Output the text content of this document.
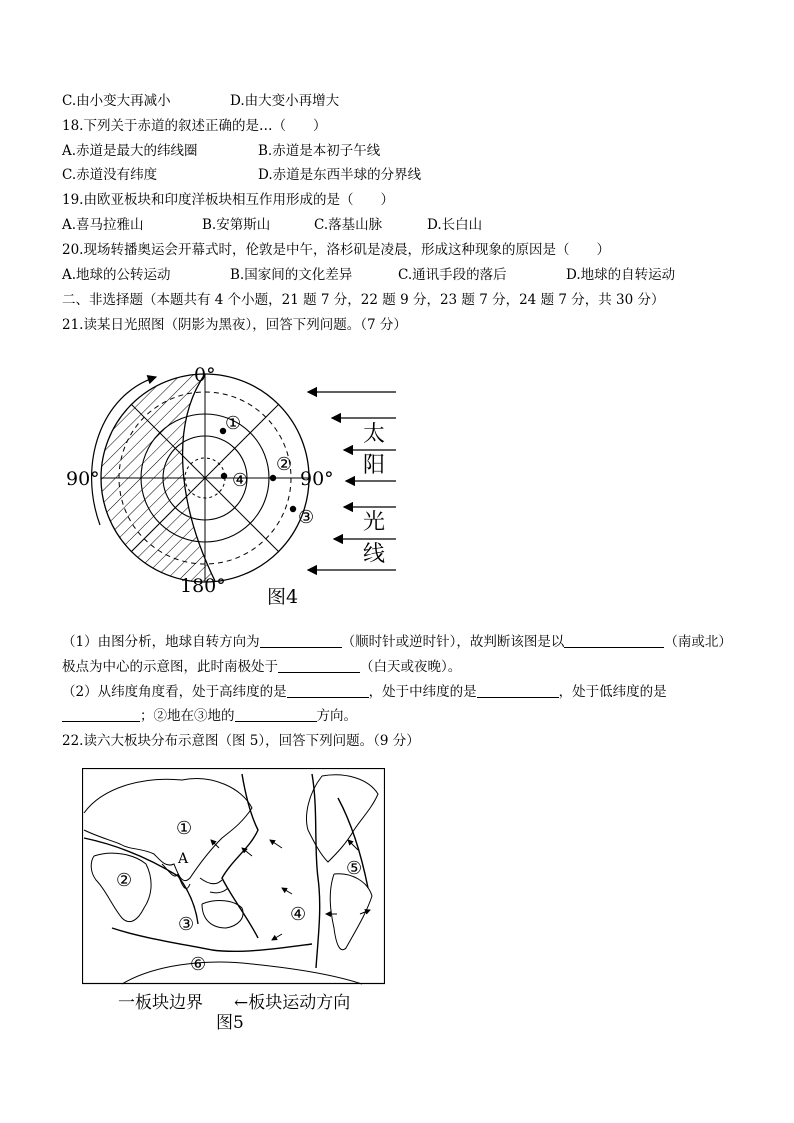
C.由小变大再减小	D.由大变小再增大
18.下列关于赤道的叙述正确的是…（　　）
A.赤道是最大的纬线圈	B.赤道是本初子午线
C.赤道没有纬度	D.赤道是东西半球的分界线
19.由欧亚板块和印度洋板块相互作用形成的是（　　）
A.喜马拉雅山	B.安第斯山	C.落基山脉	D.长白山
20.现场转播奥运会开幕式时，伦敦是中午，洛杉矶是凌晨，形成这种现象的原因是（　　）
A.地球的公转运动	B.国家间的文化差异	C.通讯手段的落后	D.地球的自转运动
二、非选择题（本题共有 4 个小题，21 题 7 分，22 题 9 分，23 题 7 分，24 题 7 分，共 30 分）
21.读某日光照图（阴影为黑夜），回答下列问题。（7 分）
0°
90°	90°
180°
①
④
②
③
太
阳
光
线
图4
（1）由图分析，地球自转方向为	（顺时针或逆时针），故判断该图是以	（南或北）
极点为中心的示意图，此时南极处于	（白天或夜晚）。
（2）从纬度角度看，处于高纬度的是	，处于中纬度的是	，处于低纬度的是
；②地在③地的	方向。
22.读六大板块分布示意图（图 5），回答下列问题。（9 分）
①
②
③	④
⑤
⑥
A
一板块边界 ←板块运动方向
图5
